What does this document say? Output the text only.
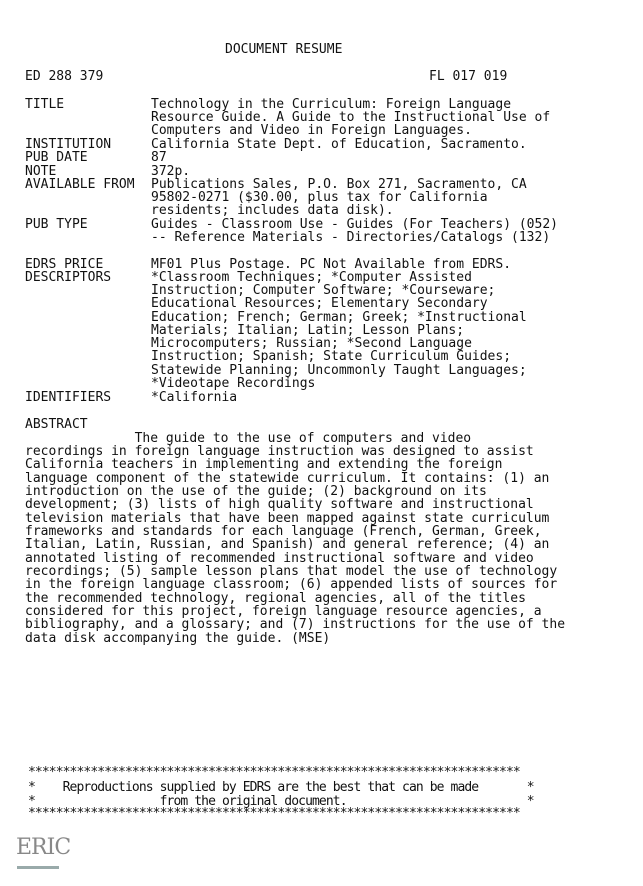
DOCUMENT RESUME
ED 288 379	FL 017 019
TITLE	Technology in the Curriculum: Foreign Language
Resource Guide. A Guide to the Instructional Use of
Computers and Video in Foreign Languages.
INSTITUTION	California State Dept. of Education, Sacramento.
PUB DATE	87
NOTE	372p.
AVAILABLE FROM Publications Sales, P.O. Box 271, Sacramento, CA
95802-0271 ($30.00, plus tax for California
residents; includes data disk).
PUB TYPE	Guides - Classroom Use - Guides (For Teachers) (052)
-- Reference Materials - Directories/Catalogs (132)
EDRS PRICE	MF01 Plus Postage. PC Not Available from EDRS.
DESCRIPTORS	*Classroom Techniques; *Computer Assisted
Instruction; Computer Software; *Courseware;
Educational Resources; Elementary Secondary
Education; French; German; Greek; *Instructional
Materials; Italian; Latin; Lesson Plans;
Microcomputers; Russian; *Second Language
Instruction; Spanish; State Curriculum Guides;
Statewide Planning; Uncommonly Taught Languages;
*Videotape Recordings
IDENTIFIERS	*California
ABSTRACT
The guide to the use of computers and video
recordings in foreign language instruction was designed to assist
California teachers in implementing and extending the foreign
language component of the statewide curriculum. It contains: (1) an
introduction on the use of the guide; (2) background on its
development; (3) lists of high quality software and instructional
television materials that have been mapped against state curriculum
frameworks and standards for each language (French, German, Greek,
Italian, Latin, Russian, and Spanish) and general reference; (4) an
annotated listing of recommended instructional software and video
recordings; (5) sample lesson plans that model the use of technology
in the foreign language classroom; (6) appended lists of sources for
the recommended technology, regional agencies, all of the titles
considered for this project, foreign language resource agencies, a
bibliography, and a glossary; and (7) instructions for the use of the
data disk accompanying the guide. (MSE)
***********************************************************************
*    Reproductions supplied by EDRS are the best that can be made       *
*                  from the original document.                          *
***********************************************************************
ERIC
